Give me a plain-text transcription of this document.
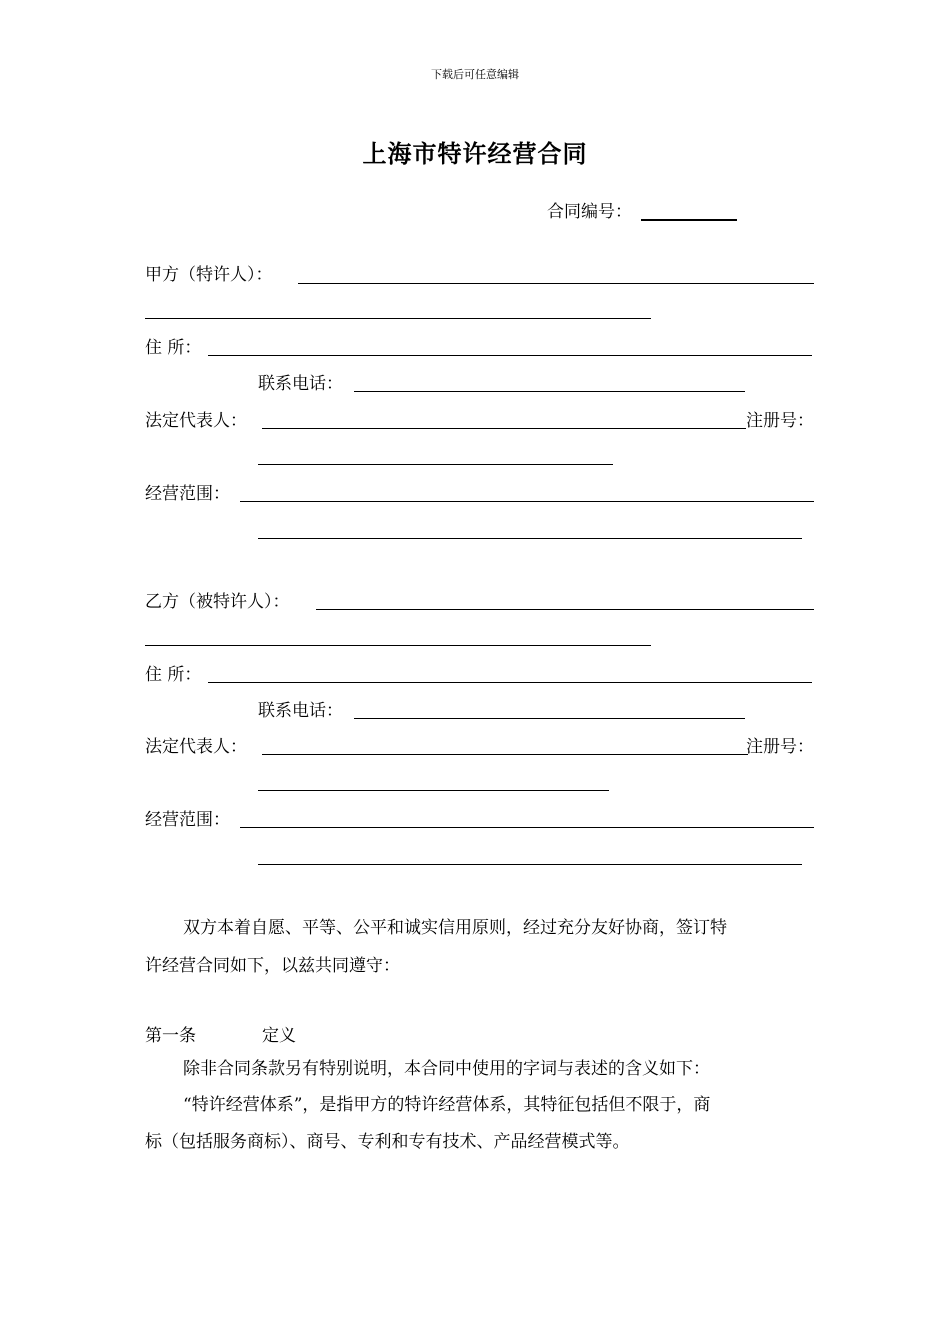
下载后可任意编辑
上海市特许经营合同
合同编号：
甲方（特许人）：
住 所：
联系电话：
法定代表人：	注册号：
经营范围：
乙方（被特许人）：
住 所：
联系电话：
法定代表人：	注册号：
经营范围：
双方本着自愿、平等、公平和诚实信用原则，经过充分友好协商，签订特
许经营合同如下，以兹共同遵守：
第一条	定义
除非合同条款另有特别说明，本合同中使用的字词与表述的含义如下：
“特许经营体系”，是指甲方的特许经营体系，其特征包括但不限于，商
标（包括服务商标）、商号、专利和专有技术、产品经营模式等。
